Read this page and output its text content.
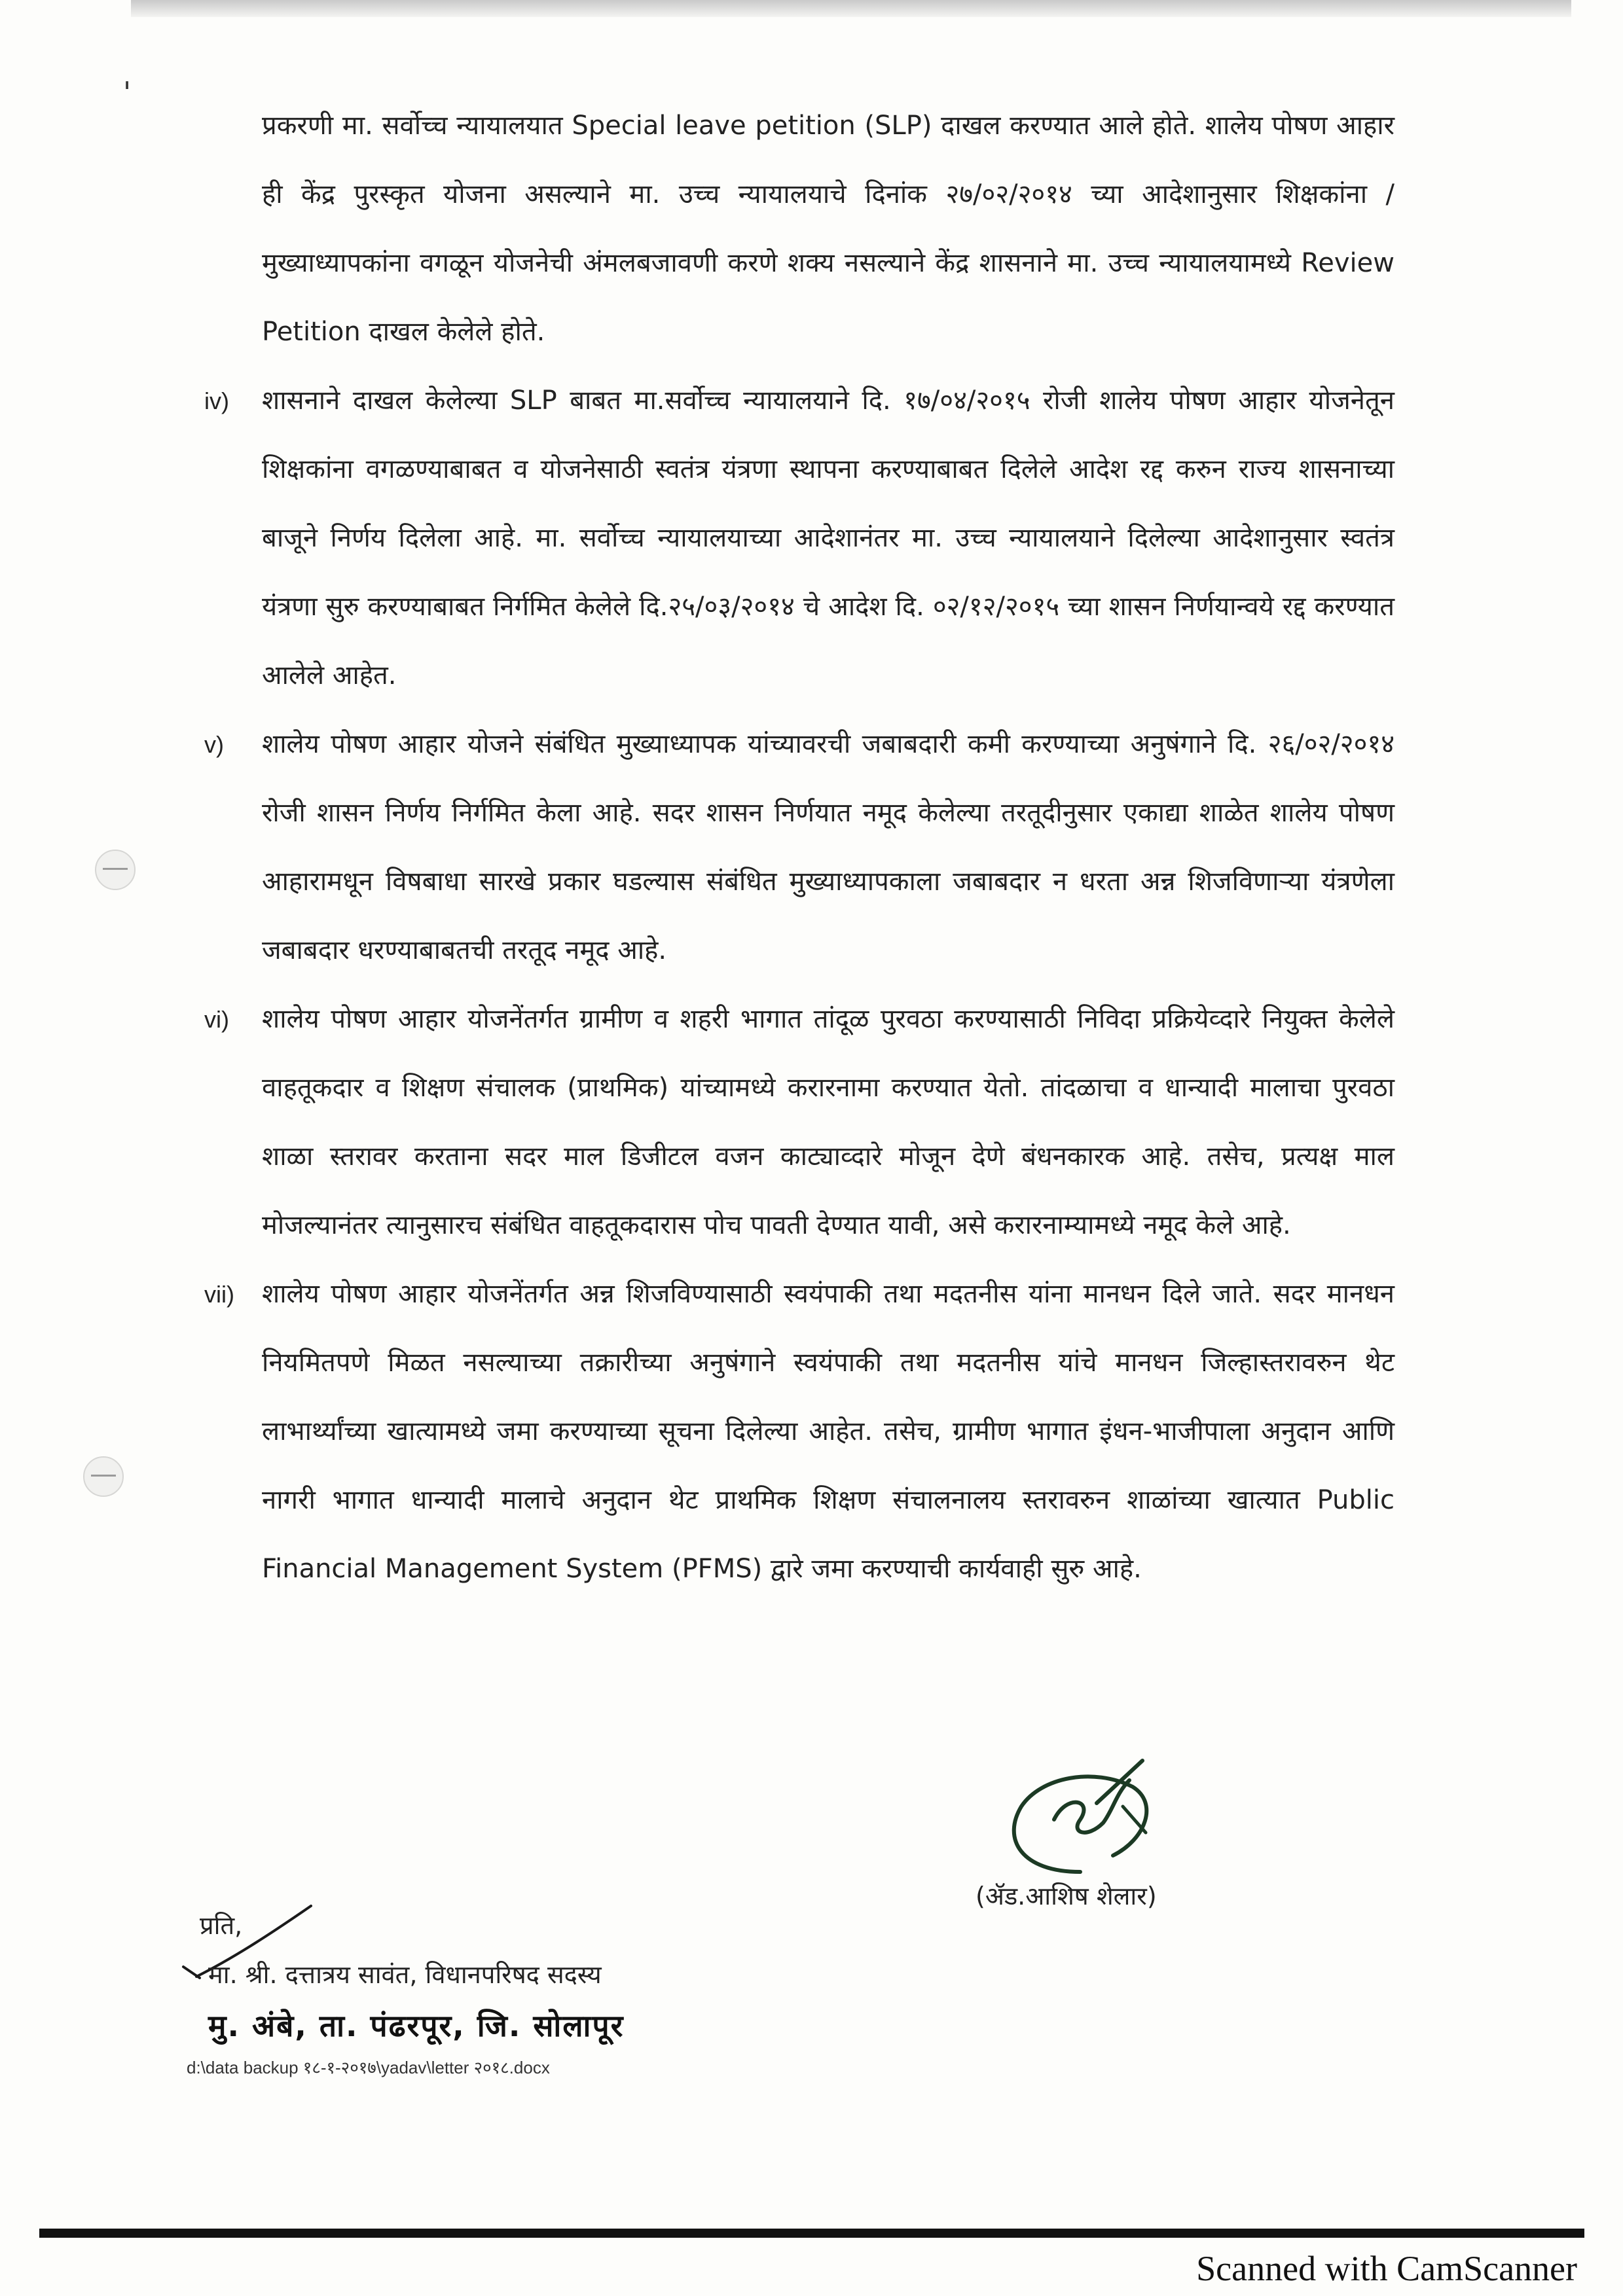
'

प्रकरणी मा. सर्वोच्च न्यायालयात Special leave petition (SLP) दाखल करण्यात आले होते. शालेय पोषण आहार ही केंद्र पुरस्कृत योजना असल्याने मा. उच्च न्यायालयाचे दिनांक २७/०२/२०१४ च्या आदेशानुसार शिक्षकांना / मुख्याध्यापकांना वगळून योजनेची अंमलबजावणी करणे शक्य नसल्याने केंद्र शासनाने मा. उच्च न्यायालयामध्ये Review Petition दाखल केलेले होते.

iv)	शासनाने दाखल केलेल्या SLP बाबत मा.सर्वोच्च न्यायालयाने दि. १७/०४/२०१५ रोजी शालेय पोषण आहार योजनेतून शिक्षकांना वगळण्याबाबत व योजनेसाठी स्वतंत्र यंत्रणा स्थापना करण्याबाबत दिलेले आदेश रद्द करुन राज्य शासनाच्या बाजूने निर्णय दिलेला आहे. मा. सर्वोच्च न्यायालयाच्या आदेशानंतर मा. उच्च न्यायालयाने दिलेल्या आदेशानुसार स्वतंत्र यंत्रणा सुरु करण्याबाबत निर्गमित केलेले दि.२५/०३/२०१४ चे आदेश दि. ०२/१२/२०१५ च्या शासन निर्णयान्वये रद्द करण्यात आलेले आहेत.
v)	शालेय पोषण आहार योजने संबंधित मुख्याध्यापक यांच्यावरची जबाबदारी कमी करण्याच्या अनुषंगाने दि. २६/०२/२०१४ रोजी शासन निर्णय निर्गमित केला आहे. सदर शासन निर्णयात नमूद केलेल्या तरतूदीनुसार एकाद्या शाळेत शालेय पोषण आहारामधून विषबाधा सारखे प्रकार घडल्यास संबंधित मुख्याध्यापकाला जबाबदार न धरता अन्न शिजविणाऱ्या यंत्रणेला जबाबदार धरण्याबाबतची तरतूद नमूद आहे.
vi)	शालेय पोषण आहार योजनेंतर्गत ग्रामीण व शहरी भागात तांदूळ पुरवठा करण्यासाठी निविदा प्रक्रियेव्दारे नियुक्त केलेले वाहतूकदार व शिक्षण संचालक (प्राथमिक) यांच्यामध्ये करारनामा करण्यात येतो. तांदळाचा व धान्यादी मालाचा पुरवठा शाळा स्तरावर करताना सदर माल डिजीटल वजन काट्याव्दारे मोजून देणे बंधनकारक आहे. तसेच, प्रत्यक्ष माल मोजल्यानंतर त्यानुसारच संबंधित वाहतूकदारास पोच पावती देण्यात यावी, असे करारनाम्यामध्ये नमूद केले आहे.
vii)	शालेय पोषण आहार योजनेंतर्गत अन्न शिजविण्यासाठी स्वयंपाकी तथा मदतनीस यांना मानधन दिले जाते. सदर मानधन नियमितपणे मिळत नसल्याच्या तक्रारीच्या अनुषंगाने स्वयंपाकी तथा मदतनीस यांचे मानधन जिल्हास्तरावरुन थेट लाभार्थ्यांच्या खात्यामध्ये जमा करण्याच्या सूचना दिलेल्या आहेत. तसेच, ग्रामीण भागात इंधन-भाजीपाला अनुदान आणि नागरी भागात धान्यादी मालाचे अनुदान थेट प्राथमिक शिक्षण संचालनालय स्तरावरुन शाळांच्या खात्यात Public Financial Management System (PFMS) द्वारे जमा करण्याची कार्यवाही सुरु आहे.
(ॲड.आशिष शेलार)
प्रति,
मा. श्री. दत्तात्रय सावंत, विधानपरिषद सदस्य
मु. अंबे, ता. पंढरपूर, जि. सोलापूर
d:\data backup १८-१-२०१७\yadav\letter २०१८.docx
Scanned with CamScanner
